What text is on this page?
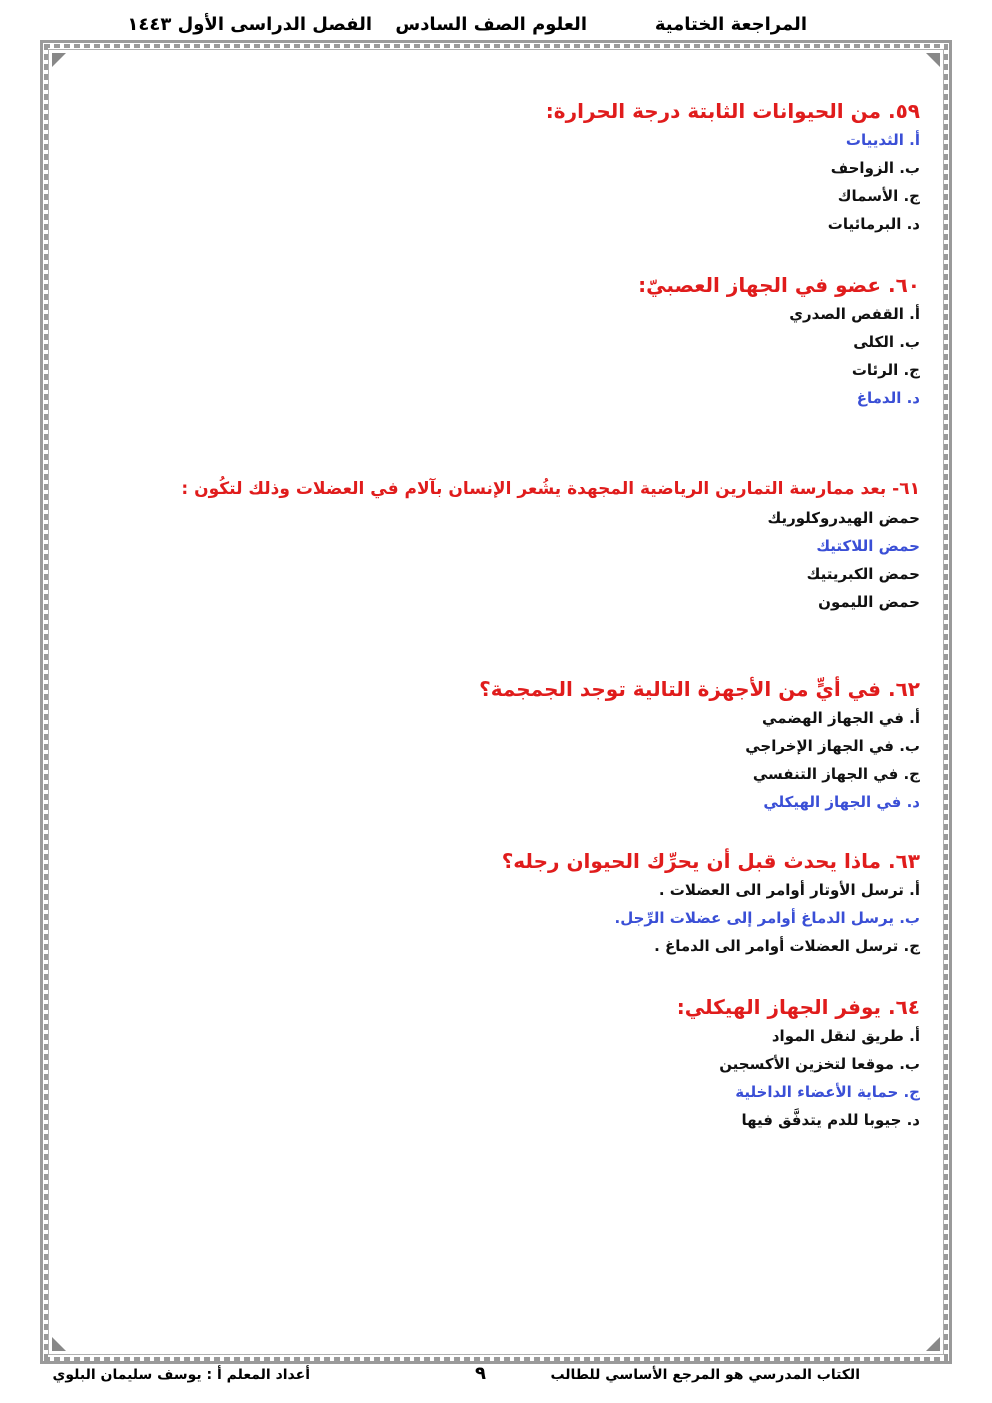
المراجعة الختامية
العلوم الصف السادس
الفصل الدراسى الأول ١٤٤٣
٥٩. من الحيوانات الثابتة درجة الحرارة:
أ. الثدييات
ب. الزواحف
ج. الأسماك
د. البرمائيات
٦٠. عضو في الجهاز العصبيّ:
أ. القفص الصدري
ب. الكلى
ج. الرئات
د. الدماغ
٦١- بعد ممارسة التمارين الرياضية المجهدة يشُعر الإنسان بآلام في العضلات وذلك لتكُون :
حمض الهيدروكلوريك
حمض اللاكتيك
حمض الكبريتيك
حمض الليمون
٦٢. في أيٍّ من الأجهزة التالية توجد الجمجمة؟
أ. في الجهاز الهضمي
ب. في الجهاز الإخراجي
ج. في الجهاز التنفسي
د. في الجهاز الهيكلي
٦٣. ماذا يحدث قبل أن يحرِّك الحيوان رجله؟
أ. ترسل الأوتار أوامر الى العضلات .
ب. يرسل الدماغ أوامر إلى عضلات الرِّجل.
ج. ترسل العضلات أوامر الى الدماغ .
٦٤. يوفر الجهاز الهيكلي:
أ. طريق لنقل المواد
ب. موقعا لتخزين الأكسجين
ج. حماية الأعضاء الداخلية
د. جيوبا للدم يتدفَّق فيها
الكتاب المدرسي هو المرجع الأساسي للطالب
٩
أعداد المعلم أ : يوسف سليمان البلوي
